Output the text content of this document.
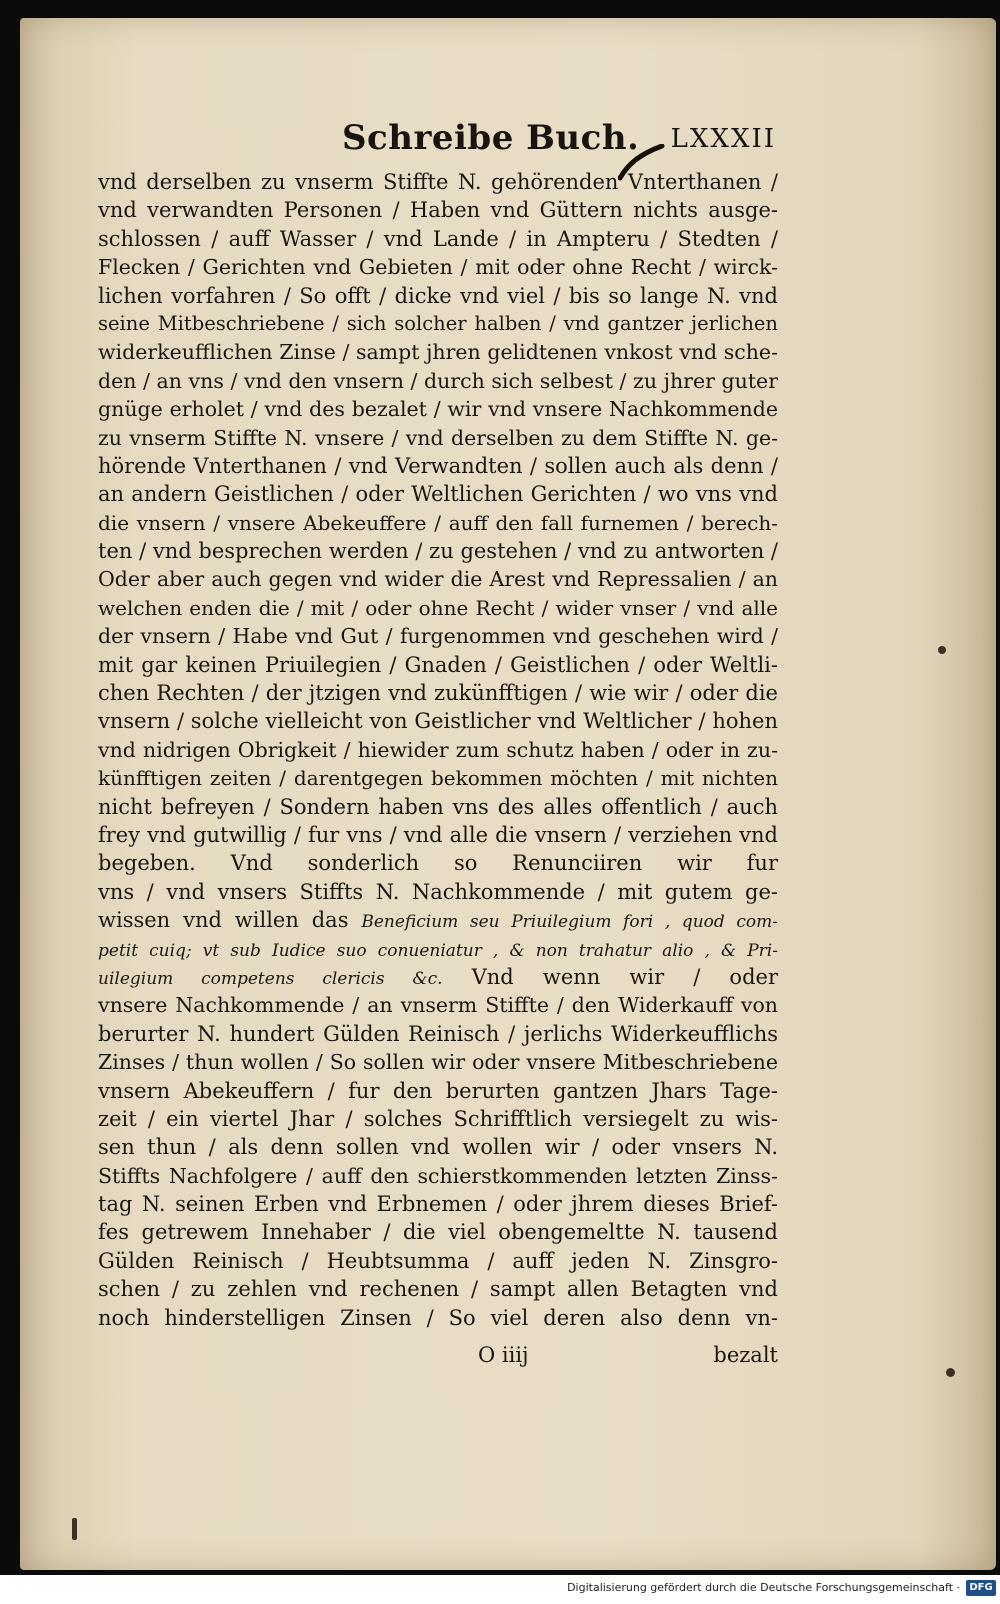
Schreibe Buch. LXXXII
vnd derselben zu vnserm Stiffte N. gehörenden Vnterthanen /
vnd verwandten Personen / Haben vnd Güttern nichts ausge-
schlossen / auff Wasser / vnd Lande / in Ampteru / Stedten /
Flecken / Gerichten vnd Gebieten / mit oder ohne Recht / wirck-
lichen vorfahren / So offt / dicke vnd viel / bis so lange N. vnd
seine Mitbeschriebene / sich solcher halben / vnd gantzer jerlichen
widerkeufflichen Zinse / sampt jhren gelidtenen vnkost vnd sche-
den / an vns / vnd den vnsern / durch sich selbest / zu jhrer guter
gnüge erholet / vnd des bezalet / wir vnd vnsere Nachkommende
zu vnserm Stiffte N. vnsere / vnd derselben zu dem Stiffte N. ge-
hörende Vnterthanen / vnd Verwandten / sollen auch als denn /
an andern Geistlichen / oder Weltlichen Gerichten / wo vns vnd
die vnsern / vnsere Abekeuffere / auff den fall furnemen / berech-
ten / vnd besprechen werden / zu gestehen / vnd zu antworten /
Oder aber auch gegen vnd wider die Arest vnd Repressalien / an
welchen enden die / mit / oder ohne Recht / wider vnser / vnd alle
der vnsern / Habe vnd Gut / furgenommen vnd geschehen wird /
mit gar keinen Priuilegien / Gnaden / Geistlichen / oder Weltli-
chen Rechten / der jtzigen vnd zukünfftigen / wie wir / oder die
vnsern / solche vielleicht von Geistlicher vnd Weltlicher / hohen
vnd nidrigen Obrigkeit / hiewider zum schutz haben / oder in zu-
künfftigen zeiten / darentgegen bekommen möchten / mit nichten
nicht befreyen / Sondern haben vns des alles offentlich / auch
frey vnd gutwillig / fur vns / vnd alle die vnsern / verziehen vnd
begeben. Vnd sonderlich so Renunciiren wir fur
vns / vnd vnsers Stiffts N. Nachkommende / mit gutem ge-
wissen vnd willen das Beneficium seu Priuilegium fori , quod com-
petit cuiq; vt sub Iudice suo conueniatur , & non trahatur alio , & Pri-
uilegium competens clericis &c. Vnd wenn wir / oder
vnsere Nachkommende / an vnserm Stiffte / den Widerkauff von
berurter N. hundert Gülden Reinisch / jerlichs Widerkeufflichs
Zinses / thun wollen / So sollen wir oder vnsere Mitbeschriebene
vnsern Abekeuffern / fur den berurten gantzen Jhars Tage-
zeit / ein viertel Jhar / solches Schrifftlich versiegelt zu wis-
sen thun / als denn sollen vnd wollen wir / oder vnsers N.
Stiffts Nachfolgere / auff den schierstkommenden letzten Zinss-
tag N. seinen Erben vnd Erbnemen / oder jhrem dieses Brief-
fes getrewem Innehaber / die viel obengemeltte N. tausend
Gülden Reinisch / Heubtsumma / auff jeden N. Zinsgro-
schen / zu zehlen vnd rechenen / sampt allen Betagten vnd
noch hinderstelligen Zinsen / So viel deren also denn vn-
O iiij	bezalt
Digitalisierung gefördert durch die Deutsche Forschungsgemeinschaft · DFG
